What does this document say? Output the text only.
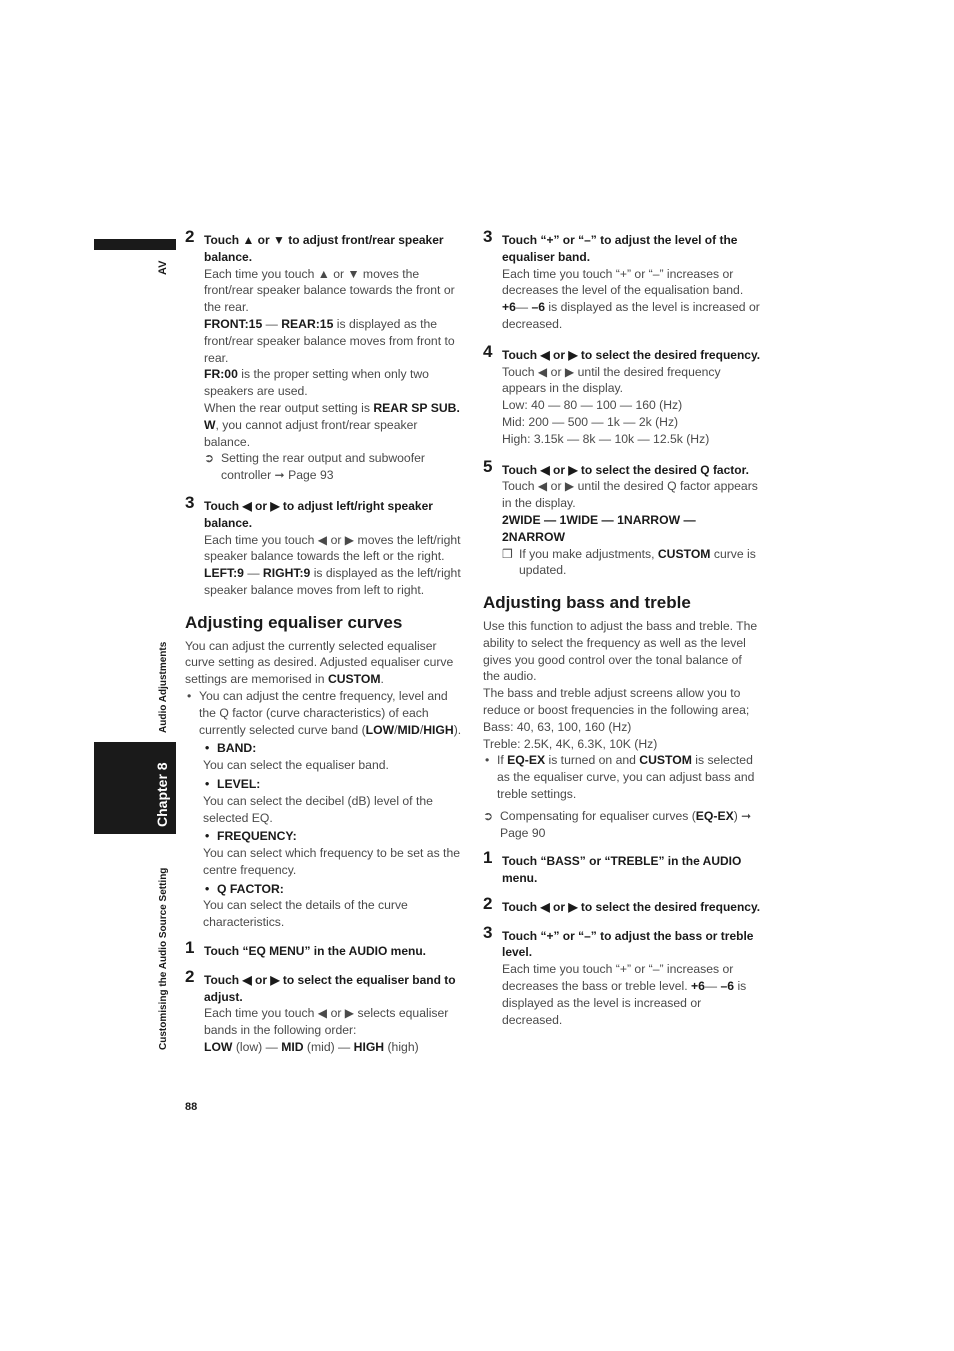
AV
Audio Adjustments
Chapter 8
Customising the Audio Source Setting
2 Touch ▲ or ▼ to adjust front/rear speaker balance.

Each time you touch ▲ or ▼ moves the front/rear speaker balance towards the front or the rear.

FRONT:15 — REAR:15 is displayed as the front/rear speaker balance moves from front to rear.

FR:00 is the proper setting when only two speakers are used.

When the rear output setting is REAR SP SUB. W, you cannot adjust front/rear speaker balance.

➲ Setting the rear output and subwoofer controller ➞ Page 93

3 Touch ◀ or ▶ to adjust left/right speaker balance.

Each time you touch ◀ or ▶ moves the left/right speaker balance towards the left or the right.

LEFT:9 — RIGHT:9 is displayed as the left/right speaker balance moves from left to right.

Adjusting equaliser curves

You can adjust the currently selected equaliser curve setting as desired. Adjusted equaliser curve settings are memorised in CUSTOM.

• You can adjust the centre frequency, level and the Q factor (curve characteristics) of each currently selected curve band (LOW/MID/HIGH).

• BAND:

You can select the equaliser band.

• LEVEL:

You can select the decibel (dB) level of the selected EQ.

• FREQUENCY:

You can select which frequency to be set as the centre frequency.

• Q FACTOR:

You can select the details of the curve characteristics.

1 Touch “EQ MENU” in the AUDIO menu.

2 Touch ◀ or ▶ to select the equaliser band to adjust.

Each time you touch ◀ or ▶ selects equaliser bands in the following order:

LOW (low) — MID (mid) — HIGH (high)

3 Touch “+” or “–” to adjust the level of the equaliser band.

Each time you touch “+” or “–” increases or decreases the level of the equalisation band.

+6— –6 is displayed as the level is increased or decreased.

4 Touch ◀ or ▶ to select the desired frequency.

Touch ◀ or ▶ until the desired frequency appears in the display.

Low: 40 — 80 — 100 — 160 (Hz)

Mid: 200 — 500 — 1k — 2k (Hz)

High: 3.15k — 8k — 10k — 12.5k (Hz)

5 Touch ◀ or ▶ to select the desired Q factor.

Touch ◀ or ▶ until the desired Q factor appears in the display.

2WIDE — 1WIDE — 1NARROW — 2NARROW

❒ If you make adjustments, CUSTOM curve is updated.

Adjusting bass and treble

Use this function to adjust the bass and treble. The ability to select the frequency as well as the level gives you good control over the tonal balance of the audio.

The bass and treble adjust screens allow you to reduce or boost frequencies in the following area;

Bass: 40, 63, 100, 160 (Hz)

Treble: 2.5K, 4K, 6.3K, 10K (Hz)

• If EQ-EX is turned on and CUSTOM is selected as the equaliser curve, you can adjust bass and treble settings.

➲ Compensating for equaliser curves (EQ-EX) ➞ Page 90

1 Touch “BASS” or “TREBLE” in the AUDIO menu.

2 Touch ◀ or ▶ to select the desired frequency.

3 Touch “+” or “–” to adjust the bass or treble level.

Each time you touch “+” or “–” increases or decreases the bass or treble level. +6— –6 is displayed as the level is increased or decreased.

88
